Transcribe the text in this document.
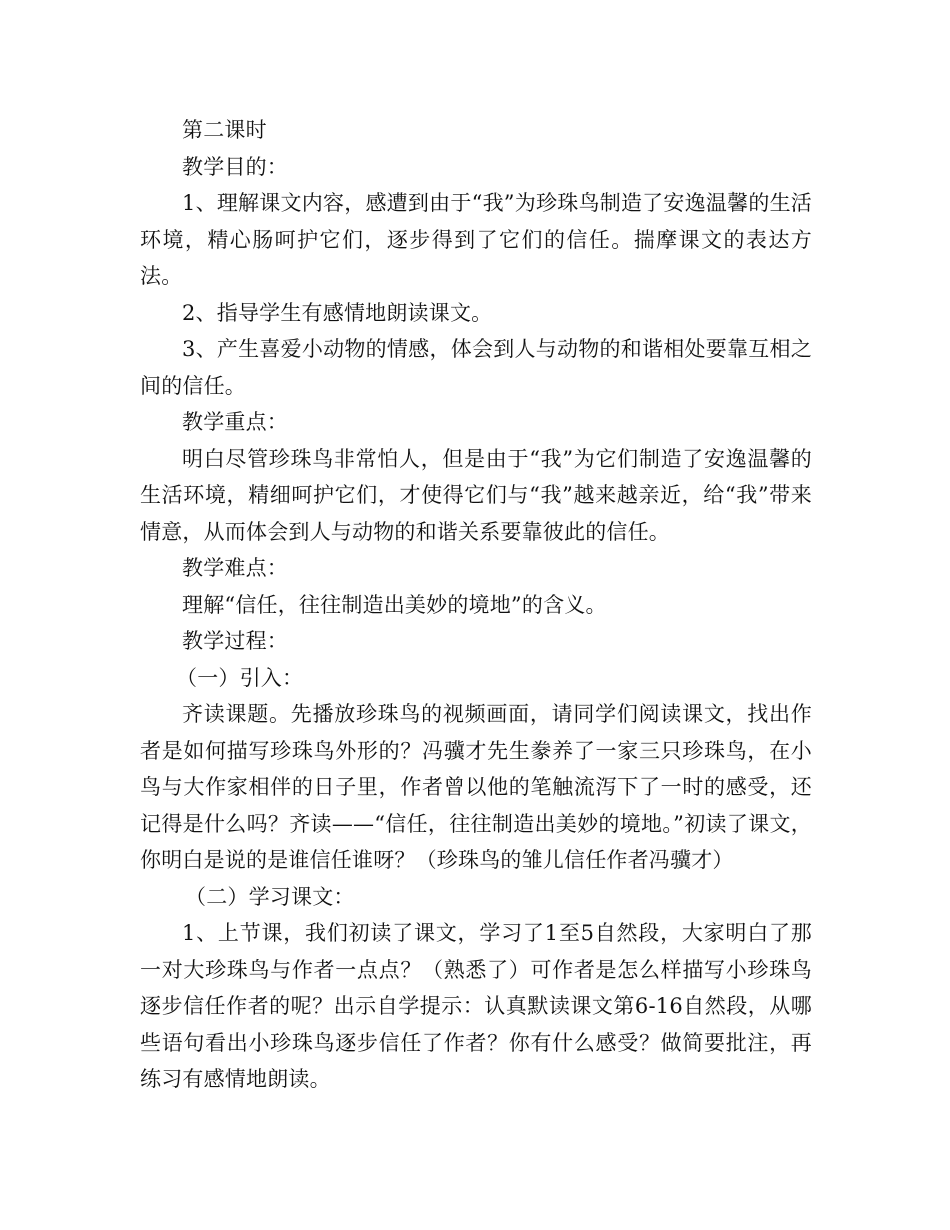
第二课时

教学目的：

1、理解课文内容，感遭到由于“我”为珍珠鸟制造了安逸温馨的生活环境，精心肠呵护它们，逐步得到了它们的信任。揣摩课文的表达方法。

2、指导学生有感情地朗读课文。

3、产生喜爱小动物的情感，体会到人与动物的和谐相处要靠互相之间的信任。

教学重点：

明白尽管珍珠鸟非常怕人，但是由于“我”为它们制造了安逸温馨的生活环境，精细呵护它们，才使得它们与“我”越来越亲近，给“我”带来情意，从而体会到人与动物的和谐关系要靠彼此的信任。

教学难点：

理解“信任，往往制造出美妙的境地”的含义。

教学过程：

（一）引入：

齐读课题。先播放珍珠鸟的视频画面，请同学们阅读课文，找出作者是如何描写珍珠鸟外形的？冯骥才先生豢养了一家三只珍珠鸟，在小鸟与大作家相伴的日子里，作者曾以他的笔触流泻下了一时的感受，还记得是什么吗？齐读——“信任，往往制造出美妙的境地。”初读了课文，你明白是说的是谁信任谁呀？（珍珠鸟的雏儿信任作者冯骥才）

（二）学习课文：

1、上节课，我们初读了课文，学习了1至5自然段，大家明白了那一对大珍珠鸟与作者一点点？（熟悉了）可作者是怎么样描写小珍珠鸟逐步信任作者的呢？出示自学提示：认真默读课文第6-16自然段，从哪些语句看出小珍珠鸟逐步信任了作者？你有什么感受？做简要批注，再练习有感情地朗读。
